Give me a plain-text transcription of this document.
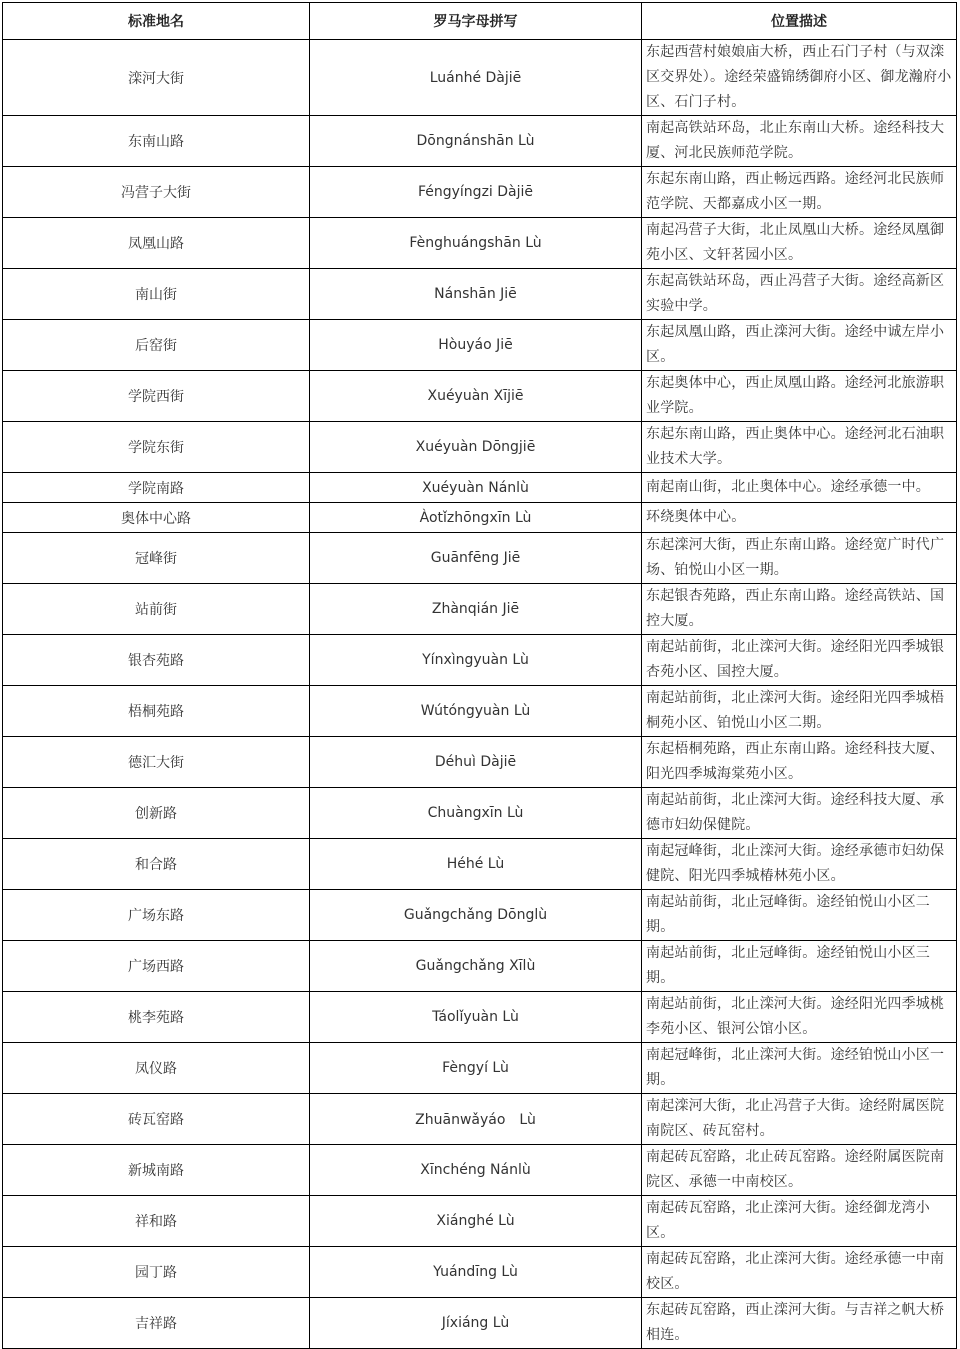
标准地名	罗马字母拼写	位置描述
滦河大街	Luánhé Dàjiē	东起西营村娘娘庙大桥，西止石门子村（与双滦区交界处）。途经荣盛锦绣御府小区、御龙瀚府小区、石门子村。
东南山路	Dōngnánshān Lù	南起高铁站环岛，北止东南山大桥。途经科技大厦、河北民族师范学院。
冯营子大街	Féngyíngzi Dàjiē	东起东南山路，西止畅远西路。途经河北民族师范学院、天都嘉成小区一期。
凤凰山路	Fènghuángshān Lù	南起冯营子大街，北止凤凰山大桥。途经凤凰御苑小区、文轩茗园小区。
南山街	Nánshān Jiē	东起高铁站环岛，西止冯营子大街。途经高新区实验中学。
后窑街	Hòuyáo Jiē	东起凤凰山路，西止滦河大街。途经中诚左岸小区。
学院西街	Xuéyuàn Xījiē	东起奥体中心，西止凤凰山路。途经河北旅游职业学院。
学院东街	Xuéyuàn Dōngjiē	东起东南山路，西止奥体中心。途经河北石油职业技术大学。
学院南路	Xuéyuàn Nánlù	南起南山街，北止奥体中心。途经承德一中。
奥体中心路	Àotǐzhōngxīn Lù	环绕奥体中心。
冠峰街	Guānfēng Jiē	东起滦河大街，西止东南山路。途经宽广时代广场、铂悦山小区一期。
站前街	Zhànqián Jiē	东起银杏苑路，西止东南山路。途经高铁站、国控大厦。
银杏苑路	Yínxìngyuàn Lù	南起站前街，北止滦河大街。途经阳光四季城银杏苑小区、国控大厦。
梧桐苑路	Wútóngyuàn Lù	南起站前街，北止滦河大街。途经阳光四季城梧桐苑小区、铂悦山小区二期。
德汇大街	Déhuì Dàjiē	东起梧桐苑路，西止东南山路。途经科技大厦、阳光四季城海棠苑小区。
创新路	Chuàngxīn Lù	南起站前街，北止滦河大街。途经科技大厦、承德市妇幼保健院。
和合路	Héhé Lù	南起冠峰街，北止滦河大街。途经承德市妇幼保健院、阳光四季城椿林苑小区。
广场东路	Guǎngchǎng Dōnglù	南起站前街，北止冠峰街。途经铂悦山小区二期。
广场西路	Guǎngchǎng Xīlù	南起站前街，北止冠峰街。途经铂悦山小区三期。
桃李苑路	Táolǐyuàn Lù	南起站前街，北止滦河大街。途经阳光四季城桃李苑小区、银河公馆小区。
凤仪路	Fèngyí Lù	南起冠峰街，北止滦河大街。途经铂悦山小区一期。
砖瓦窑路	Zhuānwǎyáo　Lù	南起滦河大街，北止冯营子大街。途经附属医院南院区、砖瓦窑村。
新城南路	Xīnchéng Nánlù	南起砖瓦窑路，北止砖瓦窑路。途经附属医院南院区、承德一中南校区。
祥和路	Xiánghé Lù	南起砖瓦窑路，北止滦河大街。途经御龙湾小区。
园丁路	Yuándīng Lù	南起砖瓦窑路，北止滦河大街。途经承德一中南校区。
吉祥路	Jíxiáng Lù	东起砖瓦窑路，西止滦河大街。与吉祥之帆大桥相连。
